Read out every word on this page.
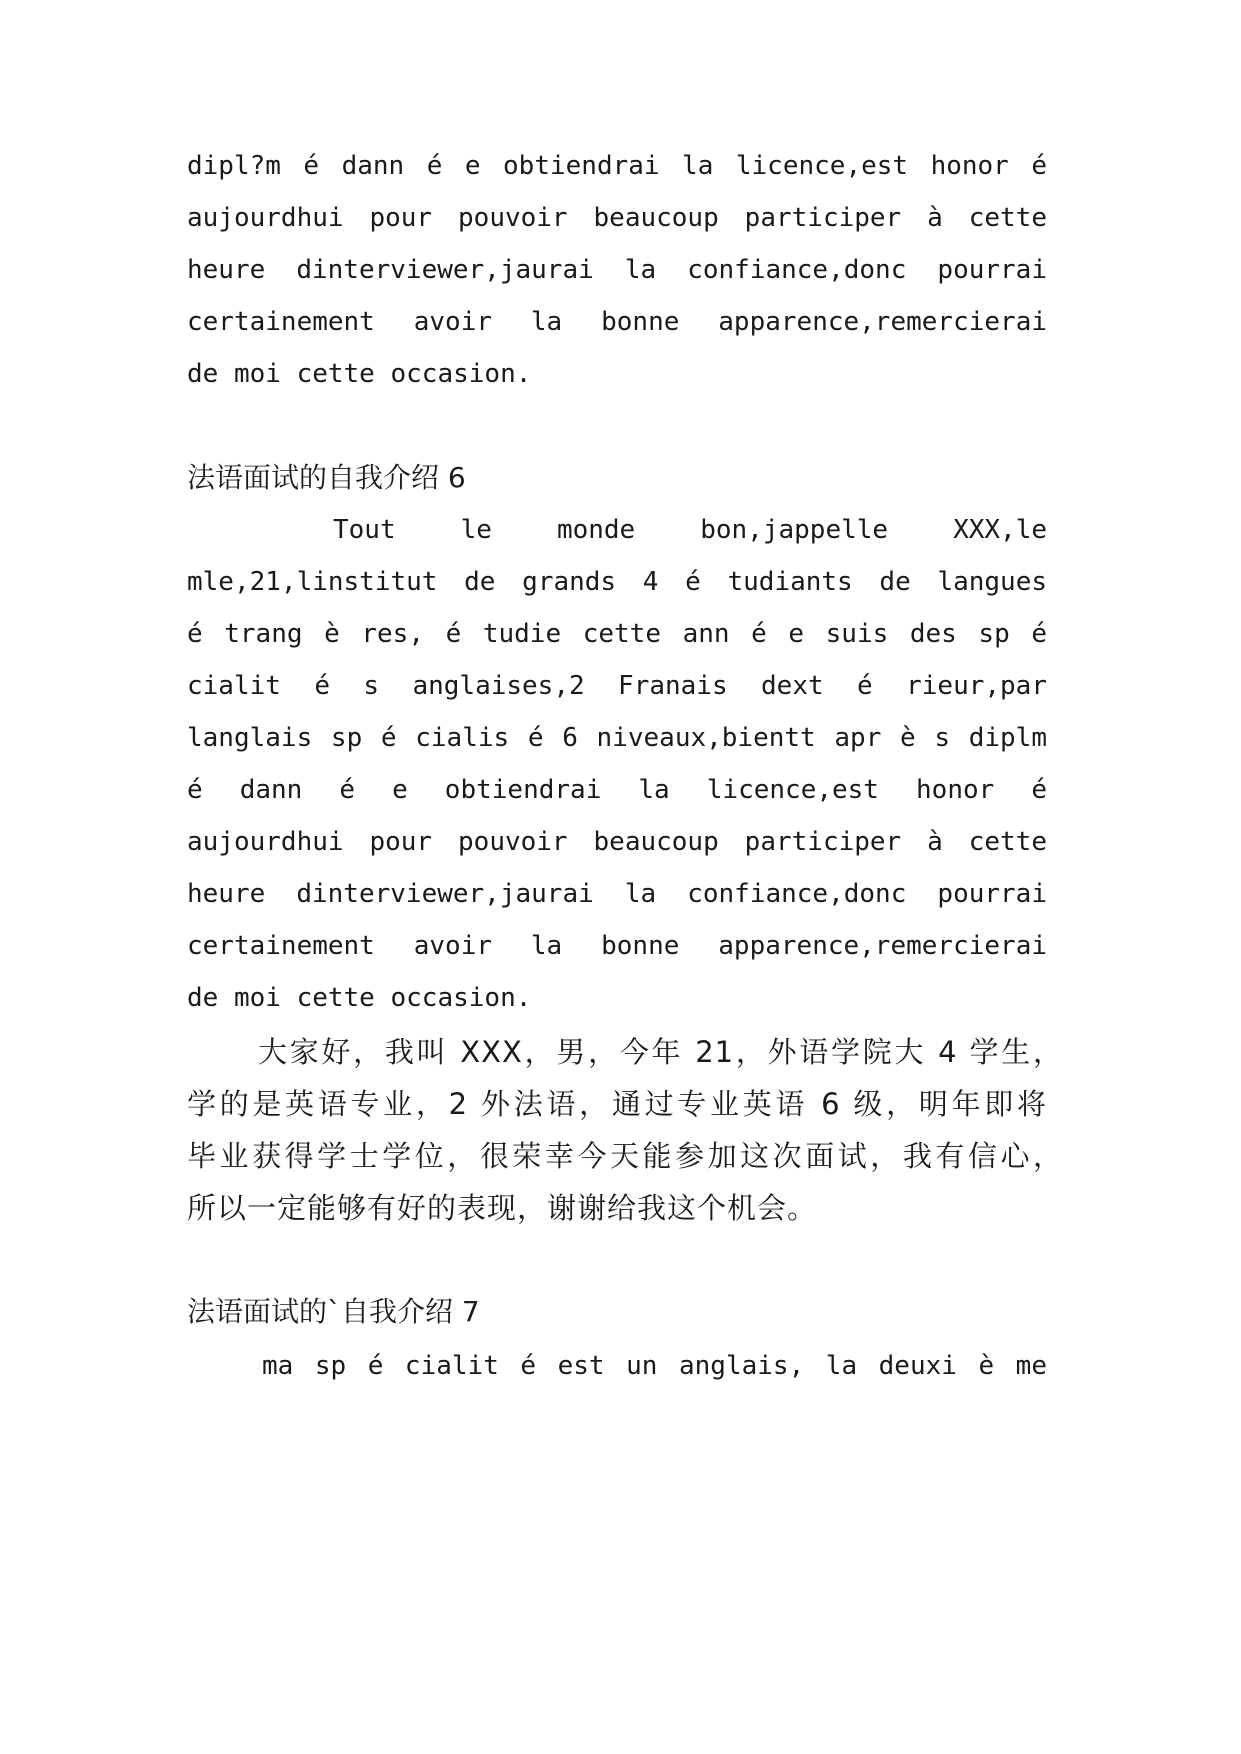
dipl?m é dann é e obtiendrai la licence,est honor é
aujourdhui pour pouvoir beaucoup participer à cette
heure dinterviewer,jaurai la confiance,donc pourrai
certainement avoir la bonne apparence,remercierai
de moi cette occasion.
法语面试的自我介绍 6
Tout le monde bon,jappelle XXX,le
mle,21,linstitut de grands 4 é tudiants de langues
é trang è res, é tudie cette ann é e suis des sp é
cialit é s anglaises,2 Franais dext é rieur,par
langlais sp é cialis é 6 niveaux,bientt apr è s diplm
é dann é e obtiendrai la licence,est honor é
aujourdhui pour pouvoir beaucoup participer à cette
heure dinterviewer,jaurai la confiance,donc pourrai
certainement avoir la bonne apparence,remercierai
de moi cette occasion.
大家好，我叫 XXX，男，今年 21，外语学院大 4 学生，
学的是英语专业，2 外法语，通过专业英语 6 级，明年即将
毕业获得学士学位，很荣幸今天能参加这次面试，我有信心，
所以一定能够有好的表现，谢谢给我这个机会。
法语面试的`自我介绍 7
ma sp é cialit é est un anglais, la deuxi è me
